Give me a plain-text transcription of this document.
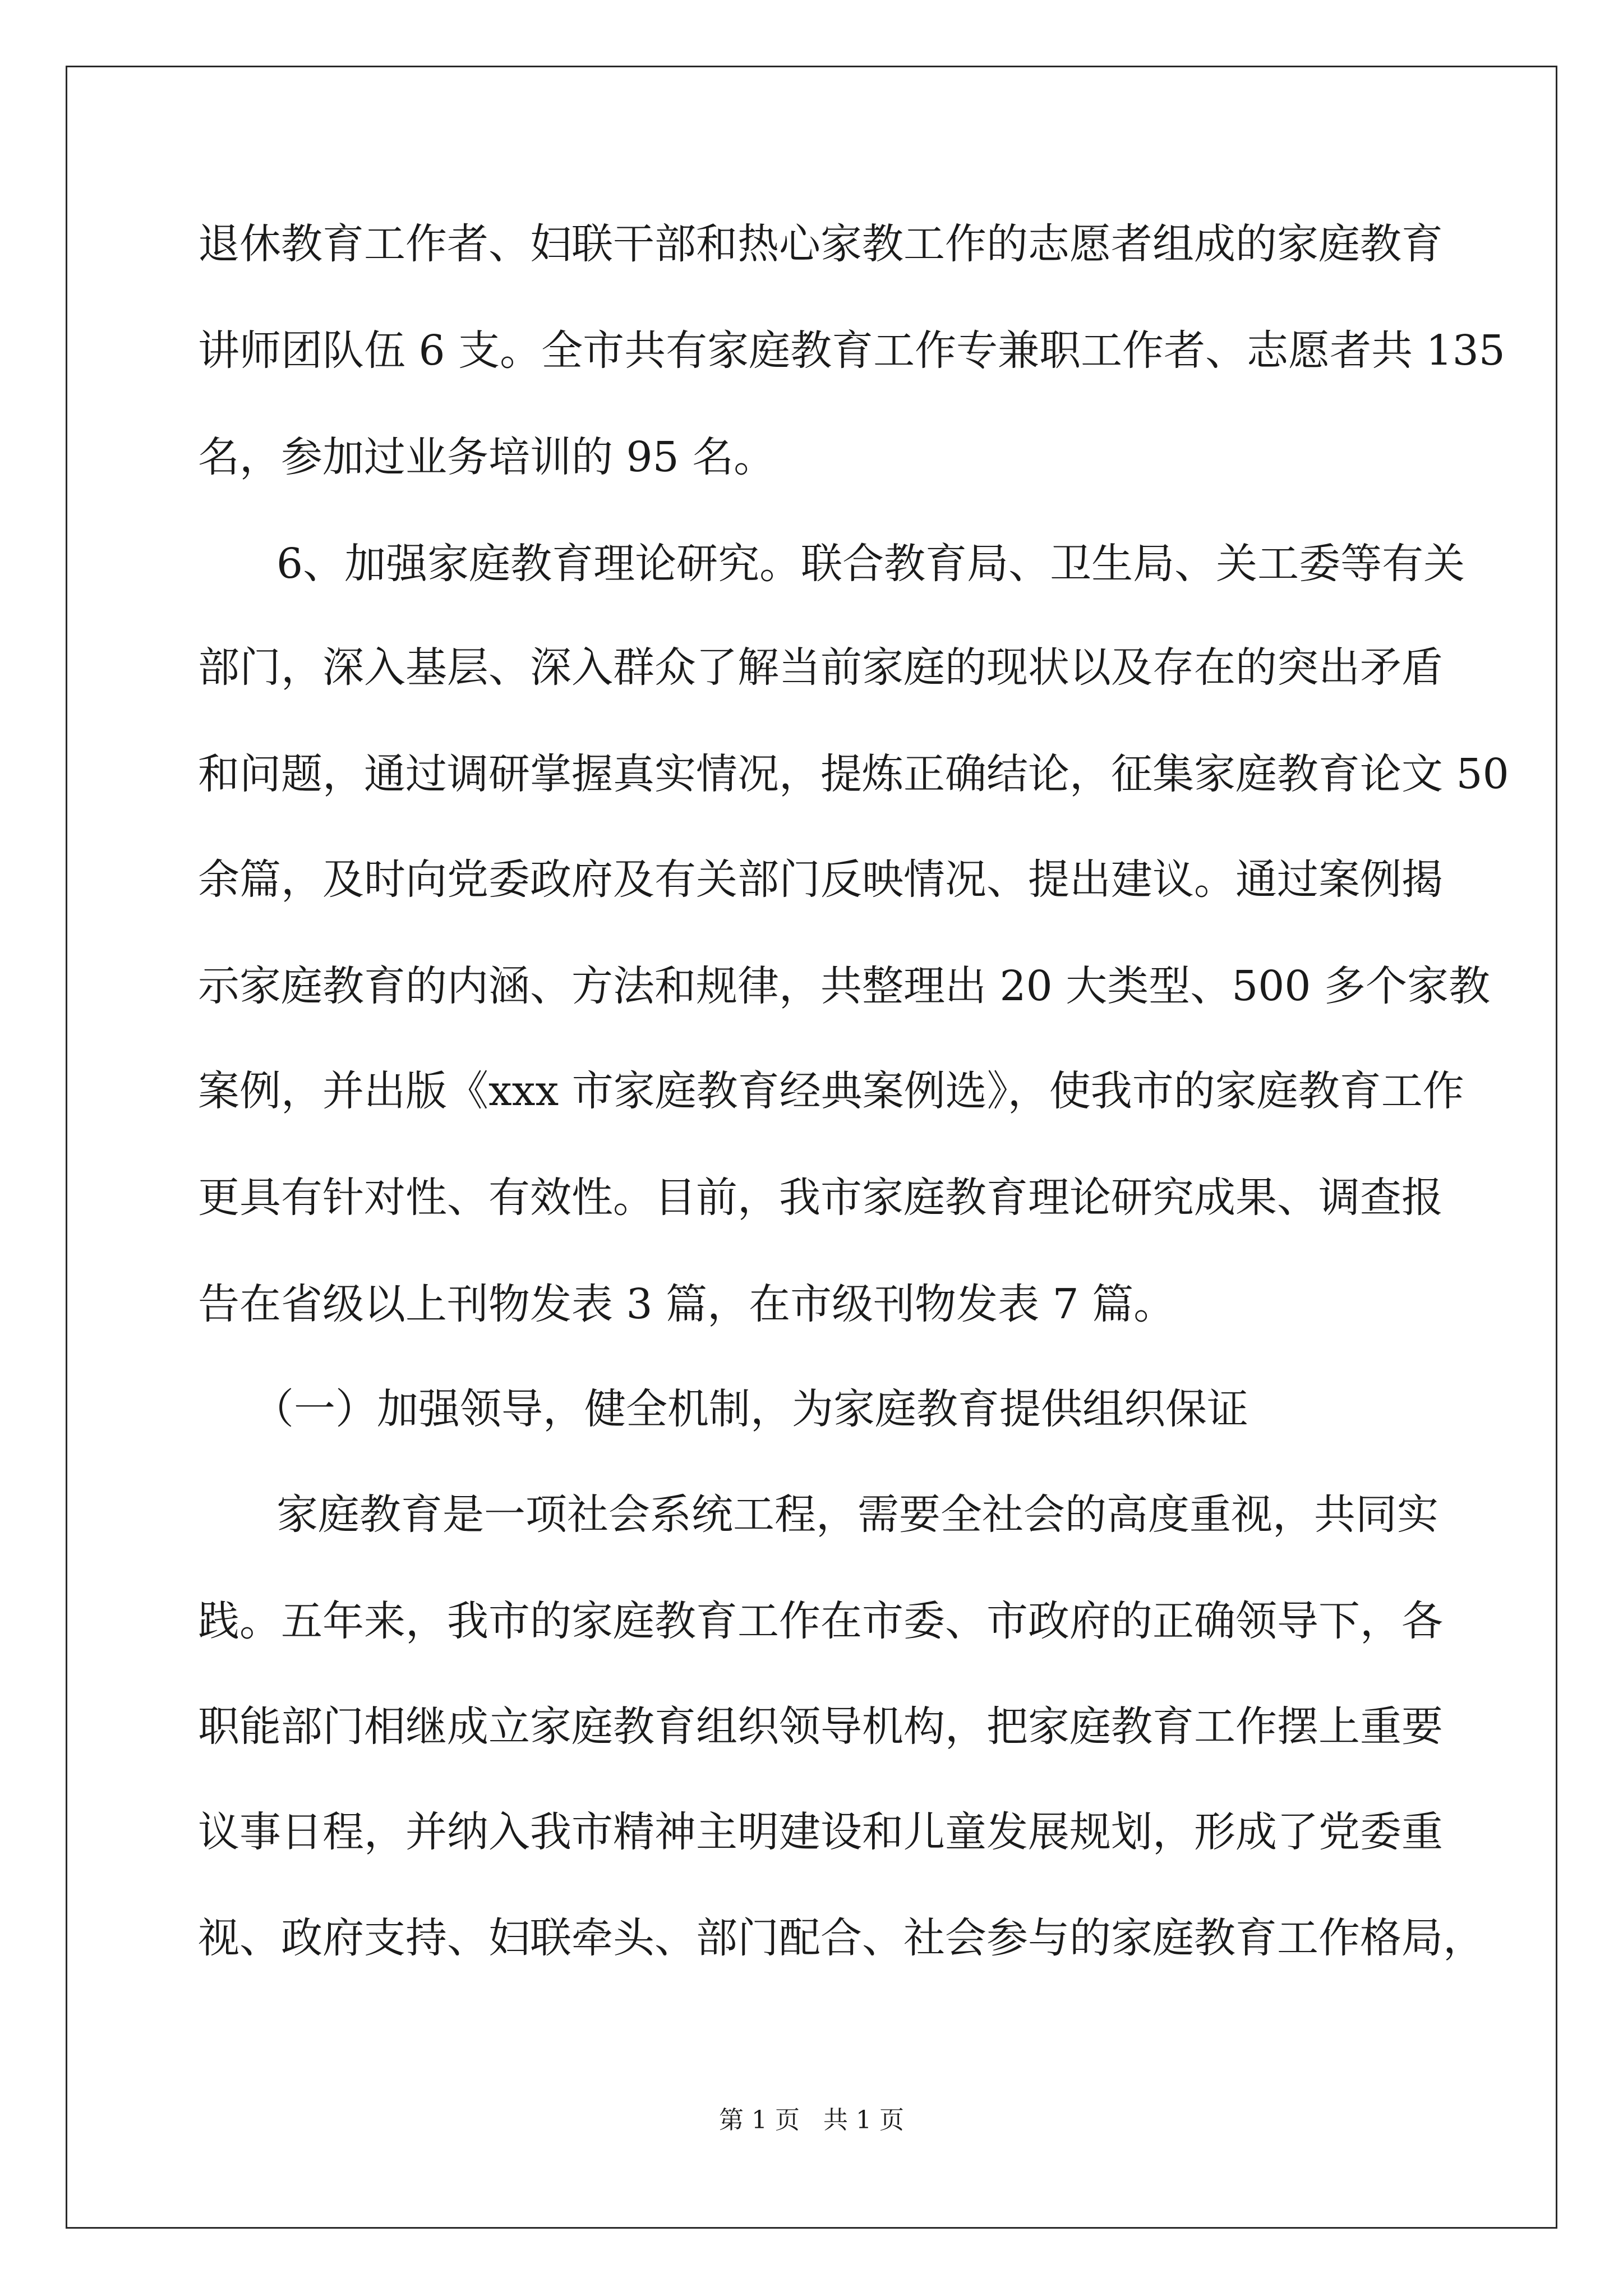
退休教育工作者、妇联干部和热心家教工作的志愿者组成的家庭教育

讲师团队伍 6 支。全市共有家庭教育工作专兼职工作者、志愿者共 135

名，参加过业务培训的 95 名。

6、加强家庭教育理论研究。联合教育局、卫生局、关工委等有关

部门，深入基层、深入群众了解当前家庭的现状以及存在的突出矛盾

和问题，通过调研掌握真实情况，提炼正确结论，征集家庭教育论文 50

余篇，及时向党委政府及有关部门反映情况、提出建议。通过案例揭

示家庭教育的内涵、方法和规律，共整理出 20 大类型、500 多个家教

案例，并出版《xxx 市家庭教育经典案例选》，使我市的家庭教育工作

更具有针对性、有效性。目前，我市家庭教育理论研究成果、调查报

告在省级以上刊物发表 3 篇，在市级刊物发表 7 篇。

（一）加强领导，健全机制，为家庭教育提供组织保证

家庭教育是一项社会系统工程，需要全社会的高度重视，共同实

践。五年来，我市的家庭教育工作在市委、市政府的正确领导下，各

职能部门相继成立家庭教育组织领导机构，把家庭教育工作摆上重要

议事日程，并纳入我市精神主明建设和儿童发展规划，形成了党委重

视、政府支持、妇联牵头、部门配合、社会参与的家庭教育工作格局，

第 1 页   共 1 页
